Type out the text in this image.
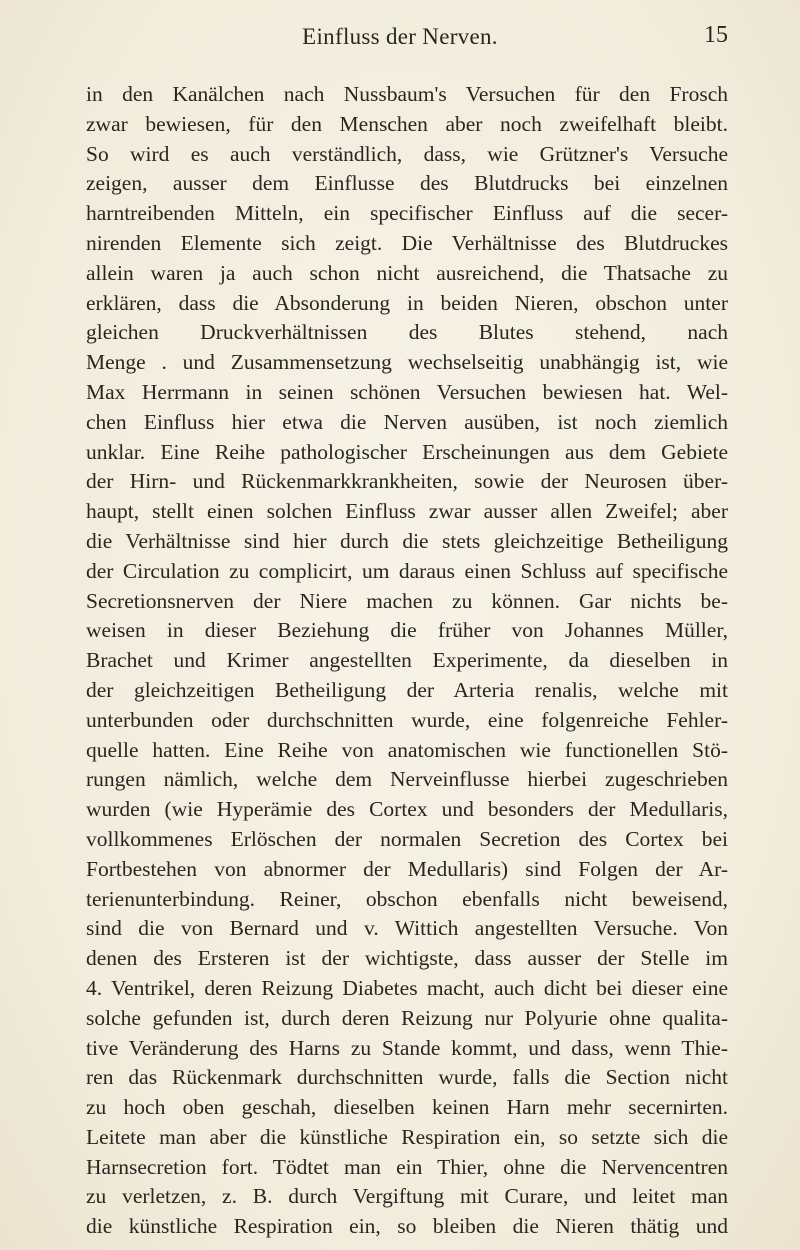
Einfluss der Nerven.	15
in den Kanälchen nach Nussbaum's Versuchen für den Frosch
zwar bewiesen, für den Menschen aber noch zweifelhaft bleibt.
So wird es auch verständlich, dass, wie Grützner's Versuche
zeigen, ausser dem Einflusse des Blutdrucks bei einzelnen
harntreibenden Mitteln, ein specifischer Einfluss auf die secer-
nirenden Elemente sich zeigt. Die Verhältnisse des Blutdruckes
allein waren ja auch schon nicht ausreichend, die Thatsache zu
erklären, dass die Absonderung in beiden Nieren, obschon unter
gleichen Druckverhältnissen des Blutes stehend, nach
Menge . und Zusammensetzung wechselseitig unabhängig ist, wie
Max Herrmann in seinen schönen Versuchen bewiesen hat. Wel-
chen Einfluss hier etwa die Nerven ausüben, ist noch ziemlich
unklar. Eine Reihe pathologischer Erscheinungen aus dem Gebiete
der Hirn- und Rückenmarkkrankheiten, sowie der Neurosen über-
haupt, stellt einen solchen Einfluss zwar ausser allen Zweifel; aber
die Verhältnisse sind hier durch die stets gleichzeitige Betheiligung
der Circulation zu complicirt, um daraus einen Schluss auf specifische
Secretionsnerven der Niere machen zu können. Gar nichts be-
weisen in dieser Beziehung die früher von Johannes Müller,
Brachet und Krimer angestellten Experimente, da dieselben in
der gleichzeitigen Betheiligung der Arteria renalis, welche mit
unterbunden oder durchschnitten wurde, eine folgenreiche Fehler-
quelle hatten. Eine Reihe von anatomischen wie functionellen Stö-
rungen nämlich, welche dem Nerveinflusse hierbei zugeschrieben
wurden (wie Hyperämie des Cortex und besonders der Medullaris,
vollkommenes Erlöschen der normalen Secretion des Cortex bei
Fortbestehen von abnormer der Medullaris) sind Folgen der Ar-
terienunterbindung. Reiner, obschon ebenfalls nicht beweisend,
sind die von Bernard und v. Wittich angestellten Versuche. Von
denen des Ersteren ist der wichtigste, dass ausser der Stelle im
4. Ventrikel, deren Reizung Diabetes macht, auch dicht bei dieser eine
solche gefunden ist, durch deren Reizung nur Polyurie ohne qualita-
tive Veränderung des Harns zu Stande kommt, und dass, wenn Thie-
ren das Rückenmark durchschnitten wurde, falls die Section nicht
zu hoch oben geschah, dieselben keinen Harn mehr secernirten.
Leitete man aber die künstliche Respiration ein, so setzte sich die
Harnsecretion fort. Tödtet man ein Thier, ohne die Nervencentren
zu verletzen, z. B. durch Vergiftung mit Curare, und leitet man
die künstliche Respiration ein, so bleiben die Nieren thätig und
